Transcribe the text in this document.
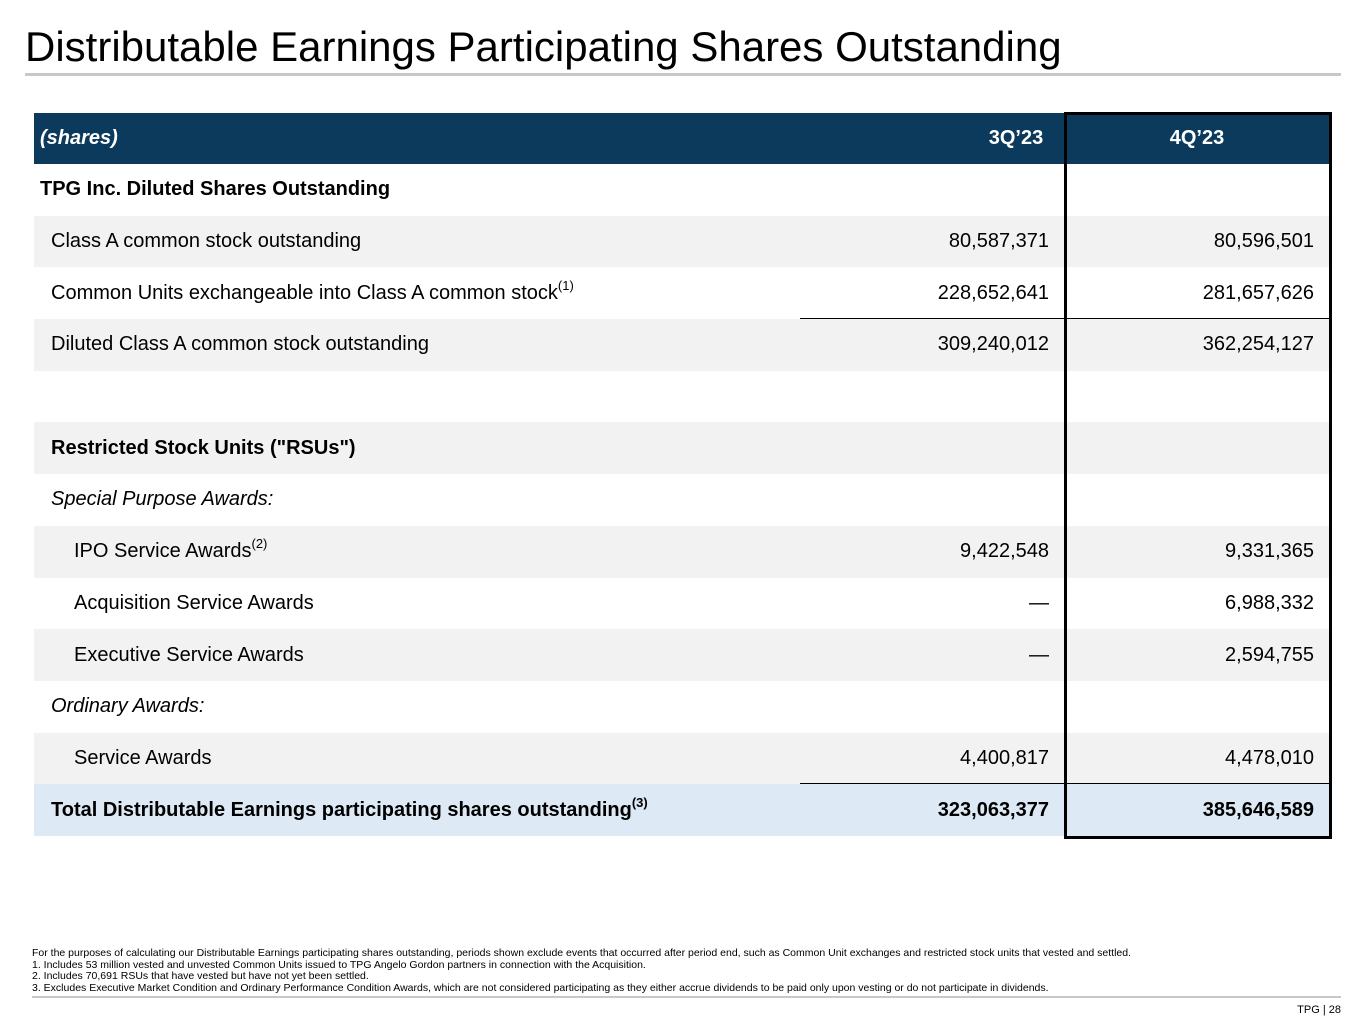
Distributable Earnings Participating Shares Outstanding
(shares)	3Q’23	4Q’23
TPG Inc. Diluted Shares Outstanding
Class A common stock outstanding	80,587,371	80,596,501
Common Units exchangeable into Class A common stock$^{(1)}$	228,652,641	281,657,626
Diluted Class A common stock outstanding	309,240,012	362,254,127
Restricted Stock Units ("RSUs")
Special Purpose Awards:
IPO Service Awards$^{(2)}$	9,422,548	9,331,365
Acquisition Service Awards	—	6,988,332
Executive Service Awards	—	2,594,755
Ordinary Awards:
Service Awards	4,400,817	4,478,010
Total Distributable Earnings participating shares outstanding$^{(3)}$	323,063,377	385,646,589
For the purposes of calculating our Distributable Earnings participating shares outstanding, periods shown exclude events that occurred after period end, such as Common Unit exchanges and restricted stock units that vested and settled.
1. Includes 53 million vested and unvested Common Units issued to TPG Angelo Gordon partners in connection with the Acquisition.
2. Includes 70,691 RSUs that have vested but have not yet been settled.
3. Excludes Executive Market Condition and Ordinary Performance Condition Awards, which are not considered participating as they either accrue dividends to be paid only upon vesting or do not participate in dividends.
TPG | 28
